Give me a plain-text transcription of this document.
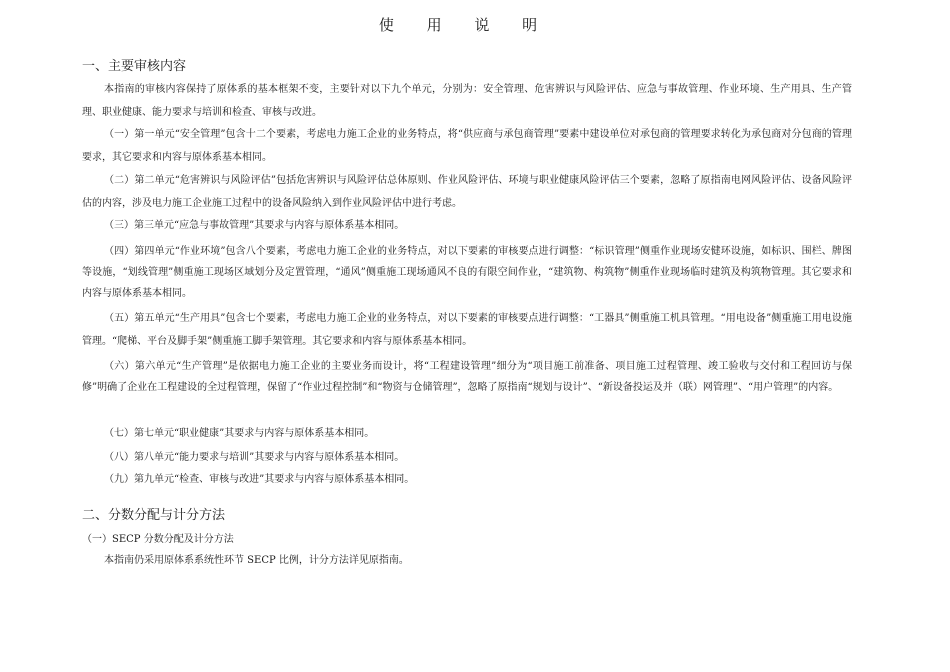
使 用 说 明
一、主要审核内容
本指南的审核内容保持了原体系的基本框架不变，主要针对以下九个单元，分别为：安全管理、危害辨识与风险评估、应急与事故管理、作业环境、生产用具、生产管理、职业健康、能力要求与培训和检查、审核与改进。
（一）第一单元“安全管理”包含十二个要素，考虑电力施工企业的业务特点，将“供应商与承包商管理”要素中建设单位对承包商的管理要求转化为承包商对分包商的管理要求，其它要求和内容与原体系基本相同。
（二）第二单元“危害辨识与风险评估”包括危害辨识与风险评估总体原则、作业风险评估、环境与职业健康风险评估三个要素，忽略了原指南电网风险评估、设备风险评估的内容，涉及电力施工企业施工过程中的设备风险纳入到作业风险评估中进行考虑。
（三）第三单元“应急与事故管理”其要求与内容与原体系基本相同。
（四）第四单元“作业环境”包含八个要素，考虑电力施工企业的业务特点，对以下要素的审核要点进行调整：“标识管理”侧重作业现场安健环设施，如标识、围栏、牌图等设施，“划线管理”侧重施工现场区域划分及定置管理，“通风”侧重施工现场通风不良的有限空间作业，“建筑物、构筑物”侧重作业现场临时建筑及构筑物管理。其它要求和内容与原体系基本相同。
（五）第五单元“生产用具”包含七个要素，考虑电力施工企业的业务特点，对以下要素的审核要点进行调整：“工器具”侧重施工机具管理。“用电设备”侧重施工用电设施管理。“爬梯、平台及脚手架”侧重施工脚手架管理。其它要求和内容与原体系基本相同。
（六）第六单元“生产管理”是依据电力施工企业的主要业务而设计，将“工程建设管理”细分为“项目施工前准备、项目施工过程管理、竣工验收与交付和工程回访与保修”明确了企业在工程建设的全过程管理，保留了“作业过程控制”和“物资与仓储管理”，忽略了原指南“规划与设计”、“新设备投运及并（联）网管理”、“用户管理”的内容。
（七）第七单元“职业健康”其要求与内容与原体系基本相同。
（八）第八单元“能力要求与培训”其要求与内容与原体系基本相同。
（九）第九单元“检查、审核与改进”其要求与内容与原体系基本相同。
二、分数分配与计分方法
（一）SECP 分数分配及计分方法
本指南仍采用原体系系统性环节 SECP 比例，计分方法详见原指南。
